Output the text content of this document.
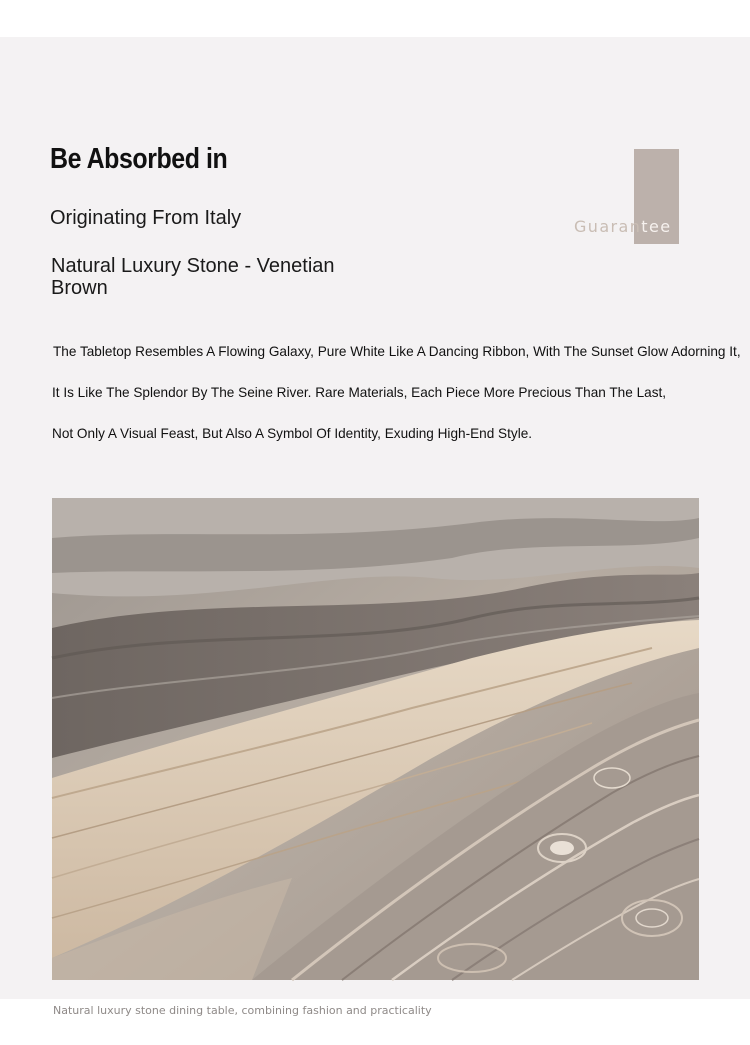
Be Absorbed in
Originating From Italy
Natural Luxury Stone - Venetian Brown
Guarantee

The Tabletop Resembles A Flowing Galaxy, Pure White Like A Dancing Ribbon, With The Sunset Glow Adorning It,

It Is Like The Splendor By The Seine River. Rare Materials, Each Piece More Precious Than The Last,

Not Only A Visual Feast, But Also A Symbol Of Identity, Exuding High-End Style.

Natural luxury stone dining table, combining fashion and practicality
